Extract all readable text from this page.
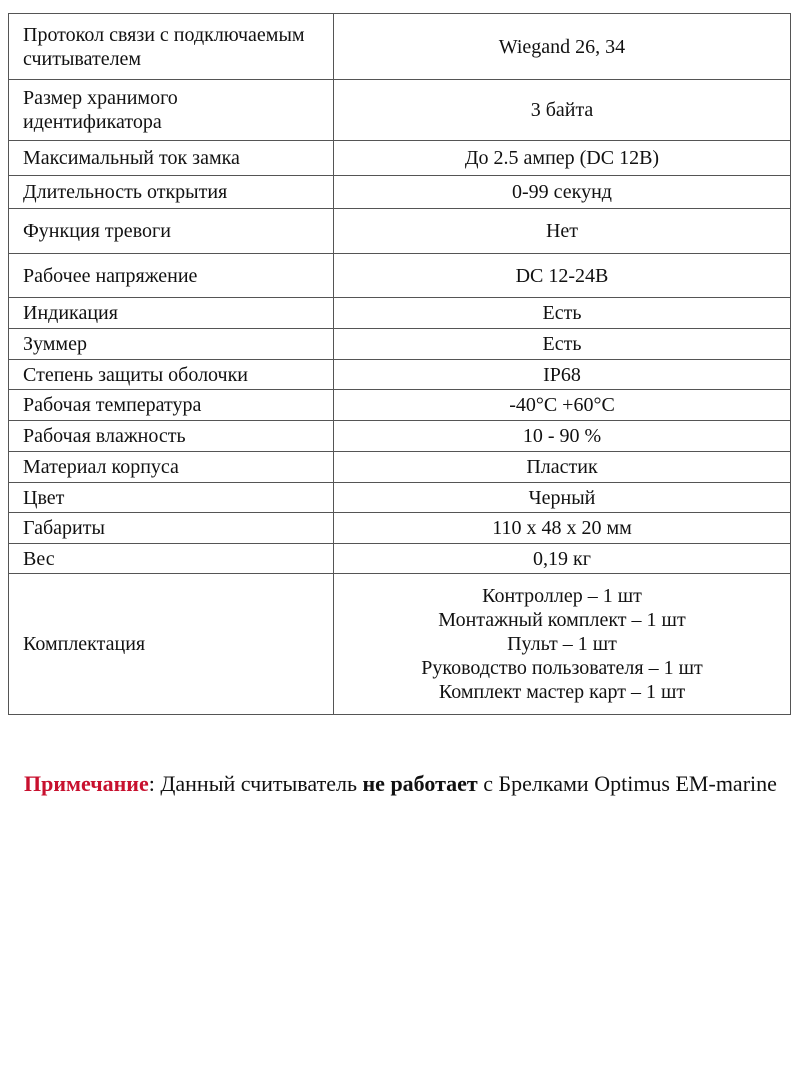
Протокол связи с подключаемым считывателем	Wiegand 26, 34
Размер хранимого идентификатора	3 байта
Максимальный ток замка	До 2.5 ампер (DC 12В)
Длительность открытия	0-99 секунд
Функция тревоги	Нет
Рабочее напряжение	DC 12-24В
Индикация	Есть
Зуммер	Есть
Степень защиты оболочки	IP68
Рабочая температура	-40°С +60°С
Рабочая влажность	10 - 90 %
Материал корпуса	Пластик
Цвет	Черный
Габариты	110 х 48 х 20 мм
Вес	0,19 кг
Комплектация	Контроллер – 1 шт
Монтажный комплект – 1 шт
Пульт – 1 шт
Руководство пользователя – 1 шт
Комплект мастер карт – 1 шт

Примечание: Данный считыватель не работает с Брелками Optimus EM-marine
